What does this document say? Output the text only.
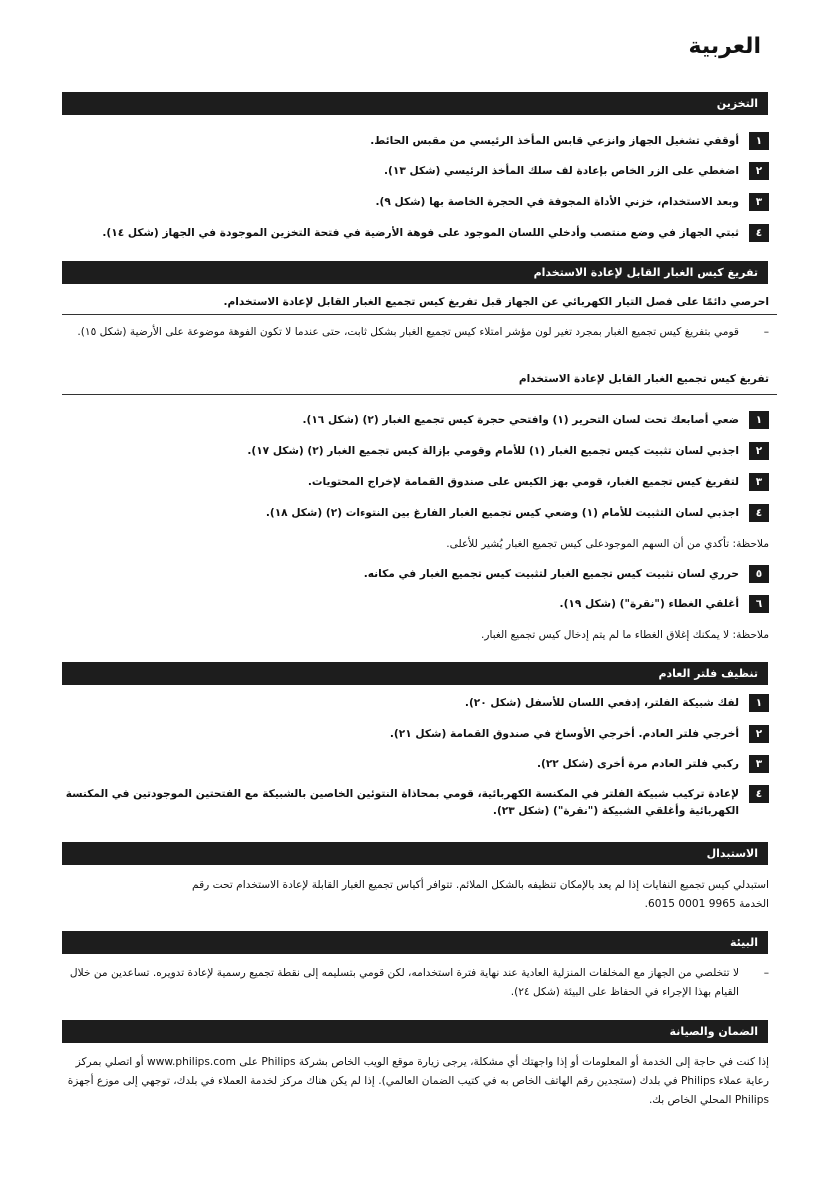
العربية
التخزين
١
أوقفي تشغيل الجهاز وانزعي قابس المأخذ الرئيسي من مقبس الحائط.
٢
اضغطي على الزر الخاص بإعادة لف سلك المأخذ الرئيسي (شكل ١٣).
٣
وبعد الاستخدام، خزني الأداة المجوفة في الحجرة الخاصة بها (شكل ٩).
٤
ثبتي الجهاز في وضع منتصب وأدخلي اللسان الموجود على فوهة الأرضية في فتحة التخزين الموجودة في الجهاز (شكل ١٤).
تفريغ كيس الغبار القابل لإعادة الاستخدام
احرصي دائمًا على فصل التيار الكهربائي عن الجهاز قبل تفريغ كيس تجميع الغبار القابل لإعادة الاستخدام.
–
قومي بتفريغ كيس تجميع الغبار بمجرد تغير لون مؤشر امتلاء كيس تجميع الغبار بشكل ثابت، حتى عندما لا تكون الفوهة موضوعة على الأرضية (شكل ١٥).
تفريغ كيس تجميع الغبار القابل لإعادة الاستخدام
١
ضعي أصابعك تحت لسان التحرير (١) وافتحي حجرة كيس تجميع الغبار (٢) (شكل ١٦).
٢
اجذبي لسان تثبيت كيس تجميع الغبار (١) للأمام وقومي بإزالة كيس تجميع الغبار (٢) (شكل ١٧).
٣
لتفريغ كيس تجميع الغبار، قومي بهز الكيس على صندوق القمامة لإخراج المحتويات.
٤
اجذبي لسان التثبيت للأمام (١) وضعي كيس تجميع الغبار الفارغ بين النتوءات (٢) (شكل ١٨).
ملاحظة: تأكدي من أن السهم الموجودعلى كيس تجميع الغبار يُشير للأعلى.
٥
حرري لسان تثبيت كيس تجميع الغبار لتثبيت كيس تجميع الغبار في مكانه.
٦
أغلقي الغطاء ("نقرة") (شكل ١٩).
ملاحظة: لا يمكنك إغلاق الغطاء ما لم يتم إدخال كيس تجميع الغبار.
تنظيف فلتر العادم
١
لفك شبيكة الفلتر، إدفعي اللسان للأسفل (شكل ٢٠).
٢
أخرجي فلتر العادم. أخرجي الأوساخ في صندوق القمامة (شكل ٢١).
٣
ركبي فلتر العادم مرة أخرى (شكل ٢٢).
٤
لإعادة تركيب شبيكة الفلتر في المكنسة الكهربائية، قومي بمحاذاة النتوئين الخاصين بالشبيكة مع الفتحتين الموجودتين في المكنسة الكهربائية وأغلقي الشبيكة ("نقرة") (شكل ٢٣).
الاستبدال
استبدلي كيس تجميع النفايات إذا لم يعد بالإمكان تنظيفه بالشكل الملائم. تتوافر أكياس تجميع الغبار القابلة لإعادة الاستخدام تحت رقم
الخدمة 9965 0001 6015.
البيئة
–
لا تتخلصي من الجهاز مع المخلفات المنزلية العادية عند نهاية فترة استخدامه، لكن قومي بتسليمه إلى نقطة تجميع رسمية لإعادة تدويره. تساعدين من خلال القيام بهذا الإجراء في الحفاظ على البيئة (شكل ٢٤).
الضمان والصيانة
إذا كنت في حاجة إلى الخدمة أو المعلومات أو إذا واجهتك أي مشكلة، يرجى زيارة موقع الويب الخاص بشركة Philips على www.philips.com أو اتصلي بمركز رعاية عملاء Philips في بلدك (ستجدين رقم الهاتف الخاص به في كتيب الضمان العالمي). إذا لم يكن هناك مركز لخدمة العملاء في بلدك، توجهي إلى موزع أجهزة Philips المحلي الخاص بك.
